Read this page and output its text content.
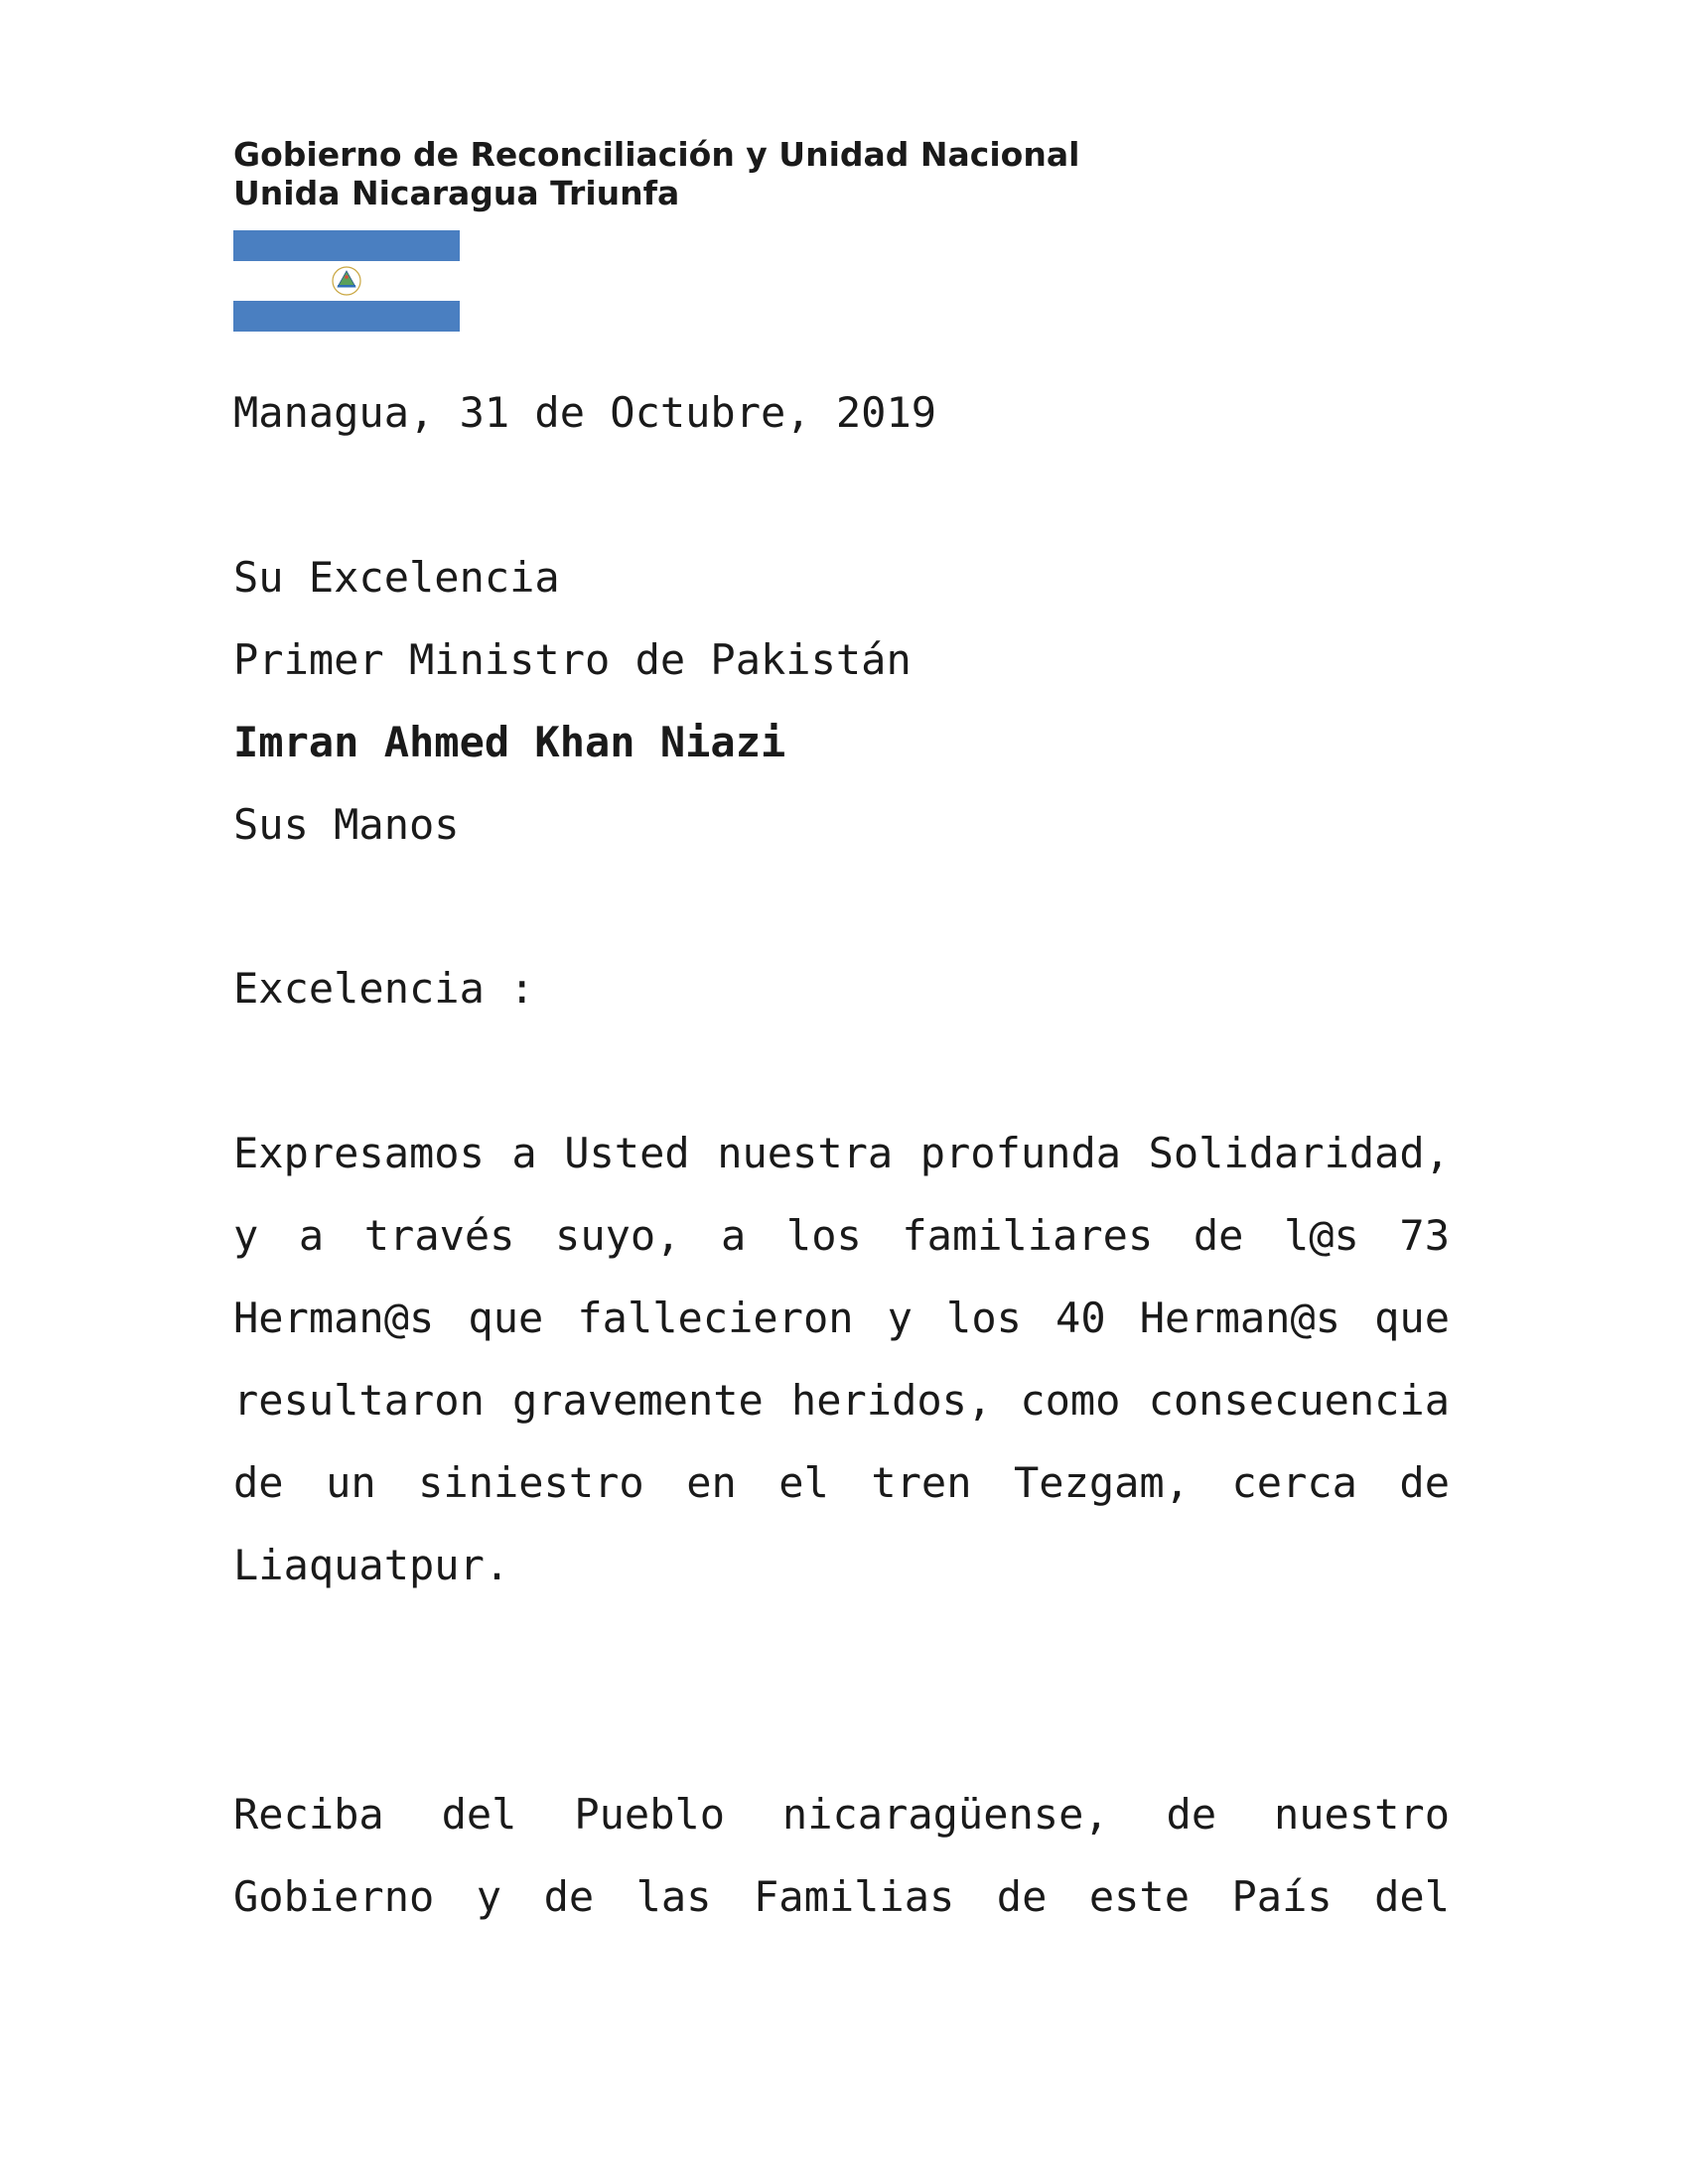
Gobierno de Reconciliación y Unidad Nacional
Unida Nicaragua Triunfa
Managua, 31 de Octubre, 2019
Su Excelencia
Primer Ministro de Pakistán
Imran Ahmed Khan Niazi
Sus Manos
Excelencia :

Expresamos a Usted nuestra profunda Solidaridad, y a través suyo, a los familiares de l@s 73 Herman@s que fallecieron y los 40 Herman@s que resultaron gravemente heridos, como consecuencia de un siniestro en el tren Tezgam, cerca de Liaquatpur.

Reciba del Pueblo nicaragüense, de nuestro Gobierno y de las Familias de este País del
